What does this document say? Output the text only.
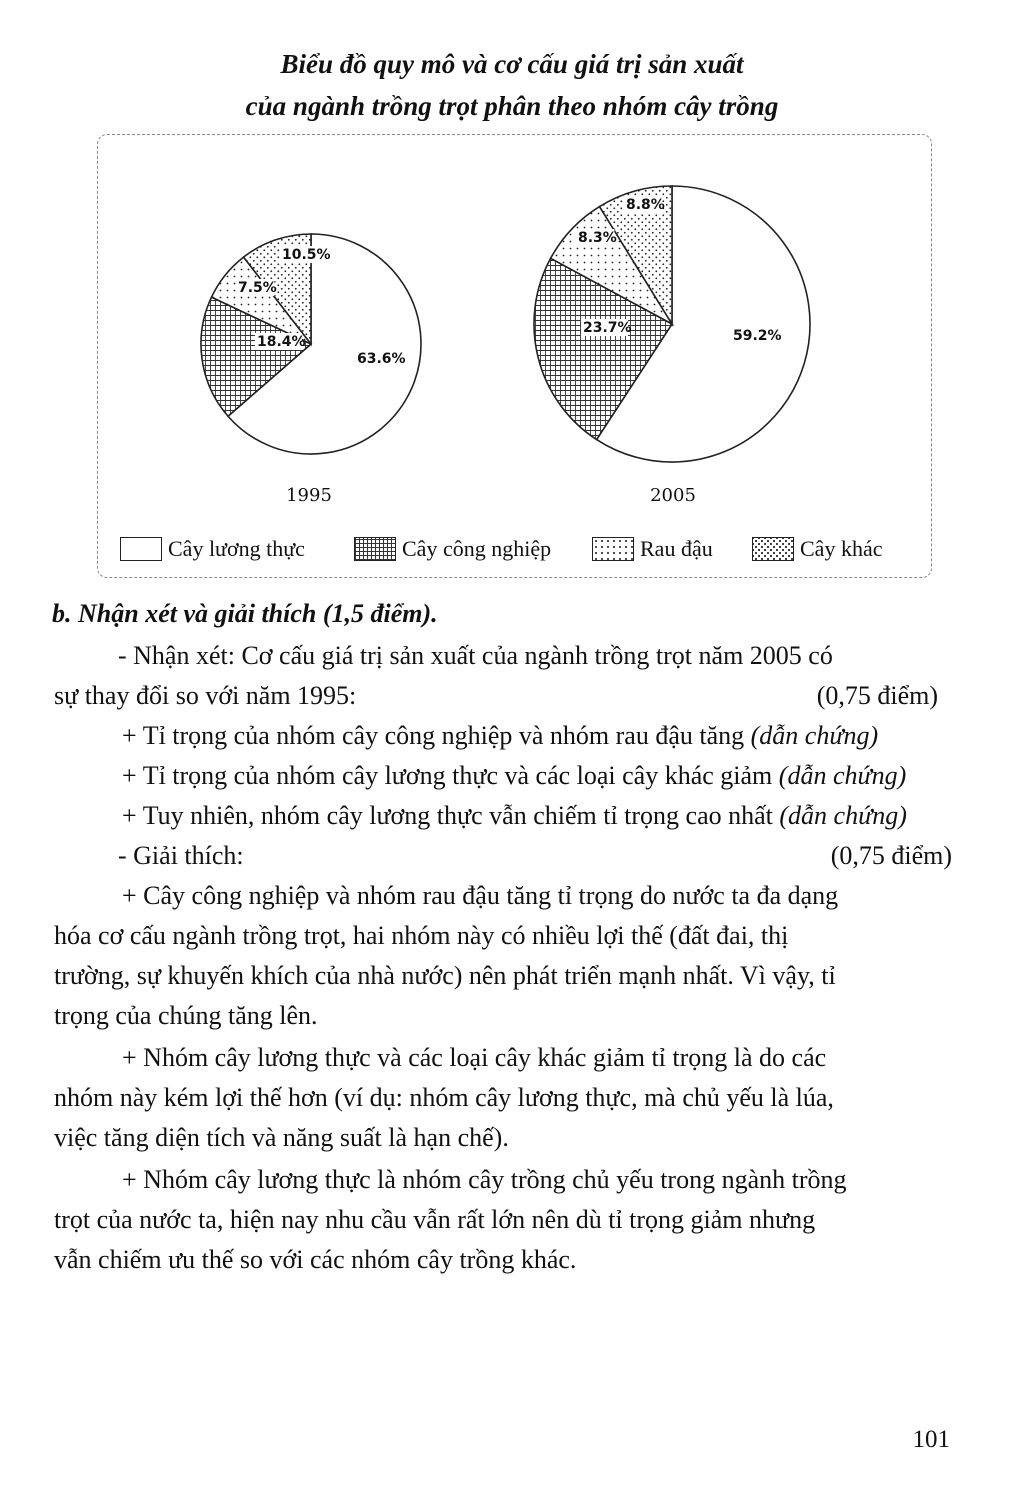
Biểu đồ quy mô và cơ cấu giá trị sản xuất
của ngành trồng trọt phân theo nhóm cây trồng
63.6%
18.4%
7.5%
10.5%
59.2%
23.7%
8.3%
8.8%
1995	2005
Cây lương thực	Cây công nghiệp	Rau đậu	Cây khác
b. Nhận xét và giải thích (1,5 điểm).
- Nhận xét: Cơ cấu giá trị sản xuất của ngành trồng trọt năm 2005 có
sự thay đổi so với năm 1995:	(0,75 điểm)
+ Tỉ trọng của nhóm cây công nghiệp và nhóm rau đậu tăng (dẫn chứng)
+ Tỉ trọng của nhóm cây lương thực và các loại cây khác giảm (dẫn chứng)
+ Tuy nhiên, nhóm cây lương thực vẫn chiếm tỉ trọng cao nhất (dẫn chứng)
- Giải thích:	(0,75 điểm)
+ Cây công nghiệp và nhóm rau đậu tăng tỉ trọng do nước ta đa dạng
hóa cơ cấu ngành trồng trọt, hai nhóm này có nhiều lợi thế (đất đai, thị
trường, sự khuyến khích của nhà nước) nên phát triển mạnh nhất. Vì vậy, tỉ
trọng của chúng tăng lên.
+ Nhóm cây lương thực và các loại cây khác giảm tỉ trọng là do các
nhóm này kém lợi thế hơn (ví dụ: nhóm cây lương thực, mà chủ yếu là lúa,
việc tăng diện tích và năng suất là hạn chế).
+ Nhóm cây lương thực là nhóm cây trồng chủ yếu trong ngành trồng
trọt của nước ta, hiện nay nhu cầu vẫn rất lớn nên dù tỉ trọng giảm nhưng
vẫn chiếm ưu thế so với các nhóm cây trồng khác.
101
